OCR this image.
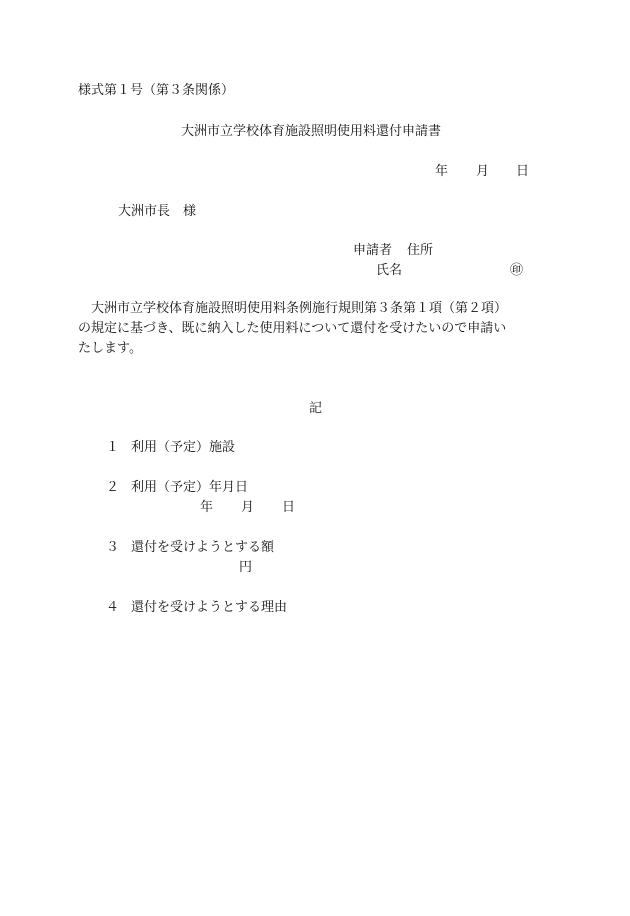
様式第１号（第３条関係）
大洲市立学校体育施設照明使用料還付申請書
年 月 日
大洲市長　様
申請者 住所
氏名	㊞
　大洲市立学校体育施設照明使用料条例施行規則第３条第１項（第２項）
の規定に基づき、既に納入した使用料について還付を受けたいので申請い
たします。
記
１ 利用（予定）施設
２ 利用（予定）年月日
年 月 日
３ 還付を受けようとする額
円
４ 還付を受けようとする理由
